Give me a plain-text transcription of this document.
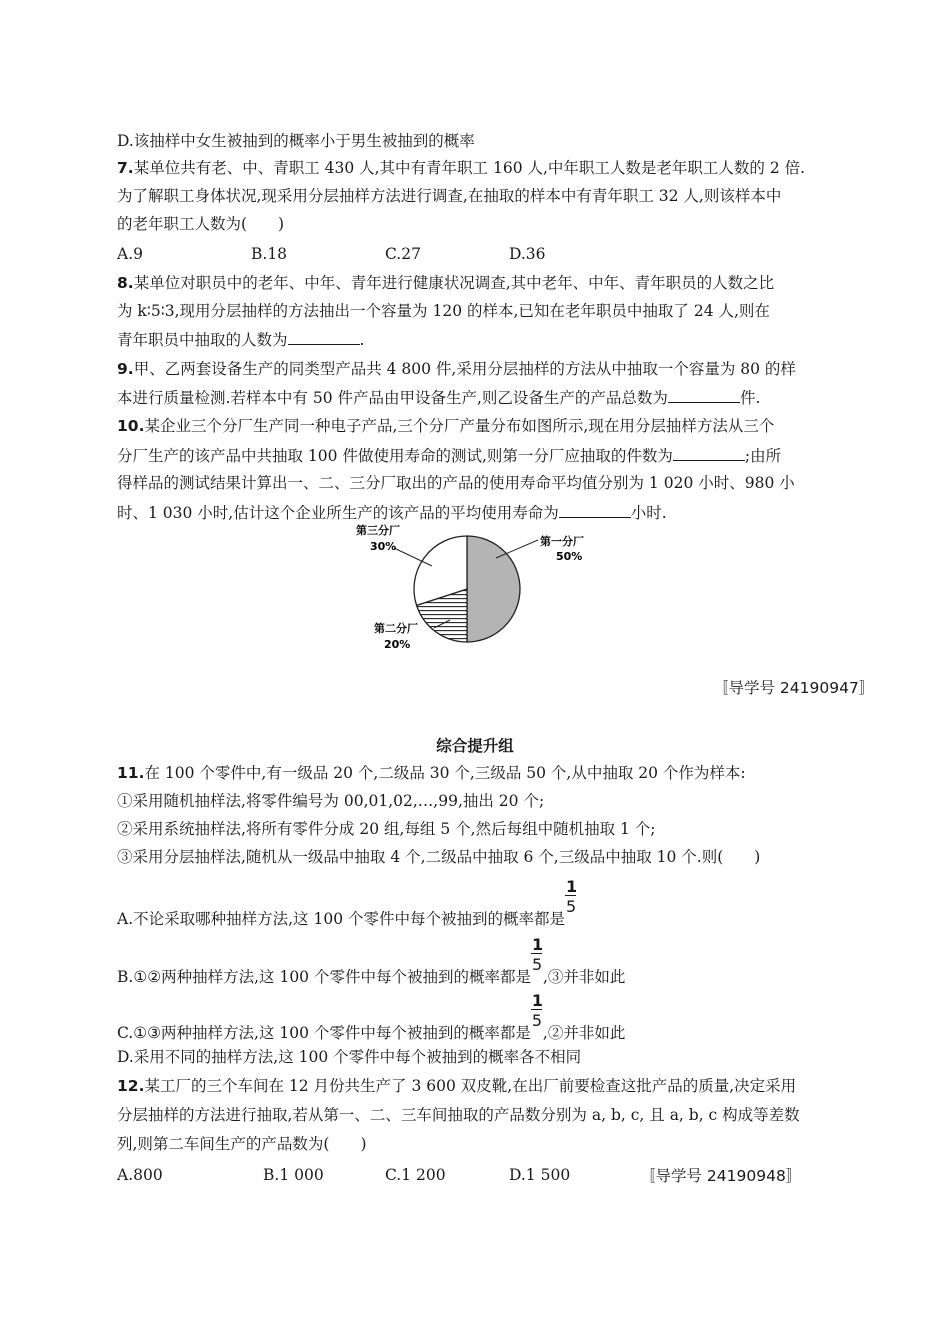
D.该抽样中女生被抽到的概率小于男生被抽到的概率
7.某单位共有老、中、青职工 430 人,其中有青年职工 160 人,中年职工人数是老年职工人数的 2 倍.
为了解职工身体状况,现采用分层抽样方法进行调查,在抽取的样本中有青年职工 32 人,则该样本中
的老年职工人数为(　　)
A.9	B.18	C.27	D.36
8.某单位对职员中的老年、中年、青年进行健康状况调查,其中老年、中年、青年职员的人数之比
为 k∶5∶3,现用分层抽样的方法抽出一个容量为 120 的样本,已知在老年职员中抽取了 24 人,则在
青年职员中抽取的人数为	.
9.甲、乙两套设备生产的同类型产品共 4 800 件,采用分层抽样的方法从中抽取一个容量为 80 的样
本进行质量检测.若样本中有 50 件产品由甲设备生产,则乙设备生产的产品总数为	件.
10.某企业三个分厂生产同一种电子产品,三个分厂产量分布如图所示,现在用分层抽样方法从三个
分厂生产的该产品中共抽取 100 件做使用寿命的测试,则第一分厂应抽取的件数为	;由所
得样品的测试结果计算出一、二、三分厂取出的产品的使用寿命平均值分别为 1 020 小时、980 小
时、1 030 小时,估计这个企业所生产的该产品的平均使用寿命为	小时.
第一分厂
50%
第三分厂
30%
第二分厂
20%
〚导学号 24190947〛
综合提升组
11.在 100 个零件中,有一级品 20 个,二级品 30 个,三级品 50 个,从中抽取 20 个作为样本:
①采用随机抽样法,将零件编号为 00,01,02,…,99,抽出 20 个;
②采用系统抽样法,将所有零件分成 20 组,每组 5 个,然后每组中随机抽取 1 个;
③采用分层抽样法,随机从一级品中抽取 4 个,二级品中抽取 6 个,三级品中抽取 10 个.则(　　)
A.不论采取哪种抽样方法,这 100 个零件中每个被抽到的概率都是 $\frac{1}{5}$
B.①②两种抽样方法,这 100 个零件中每个被抽到的概率都是 $\frac{1}{5}$ ,③并非如此
C.①③两种抽样方法,这 100 个零件中每个被抽到的概率都是 $\frac{1}{5}$ ,②并非如此
D.采用不同的抽样方法,这 100 个零件中每个被抽到的概率各不相同
12.某工厂的三个车间在 12 月份共生产了 3 600 双皮靴,在出厂前要检查这批产品的质量,决定采用
分层抽样的方法进行抽取,若从第一、二、三车间抽取的产品数分别为 a, b, c, 且 a, b, c 构成等差数
列,则第二车间生产的产品数为(　　)
A.800	B.1 000	C.1 200	D.1 500	〚导学号 24190948〛
